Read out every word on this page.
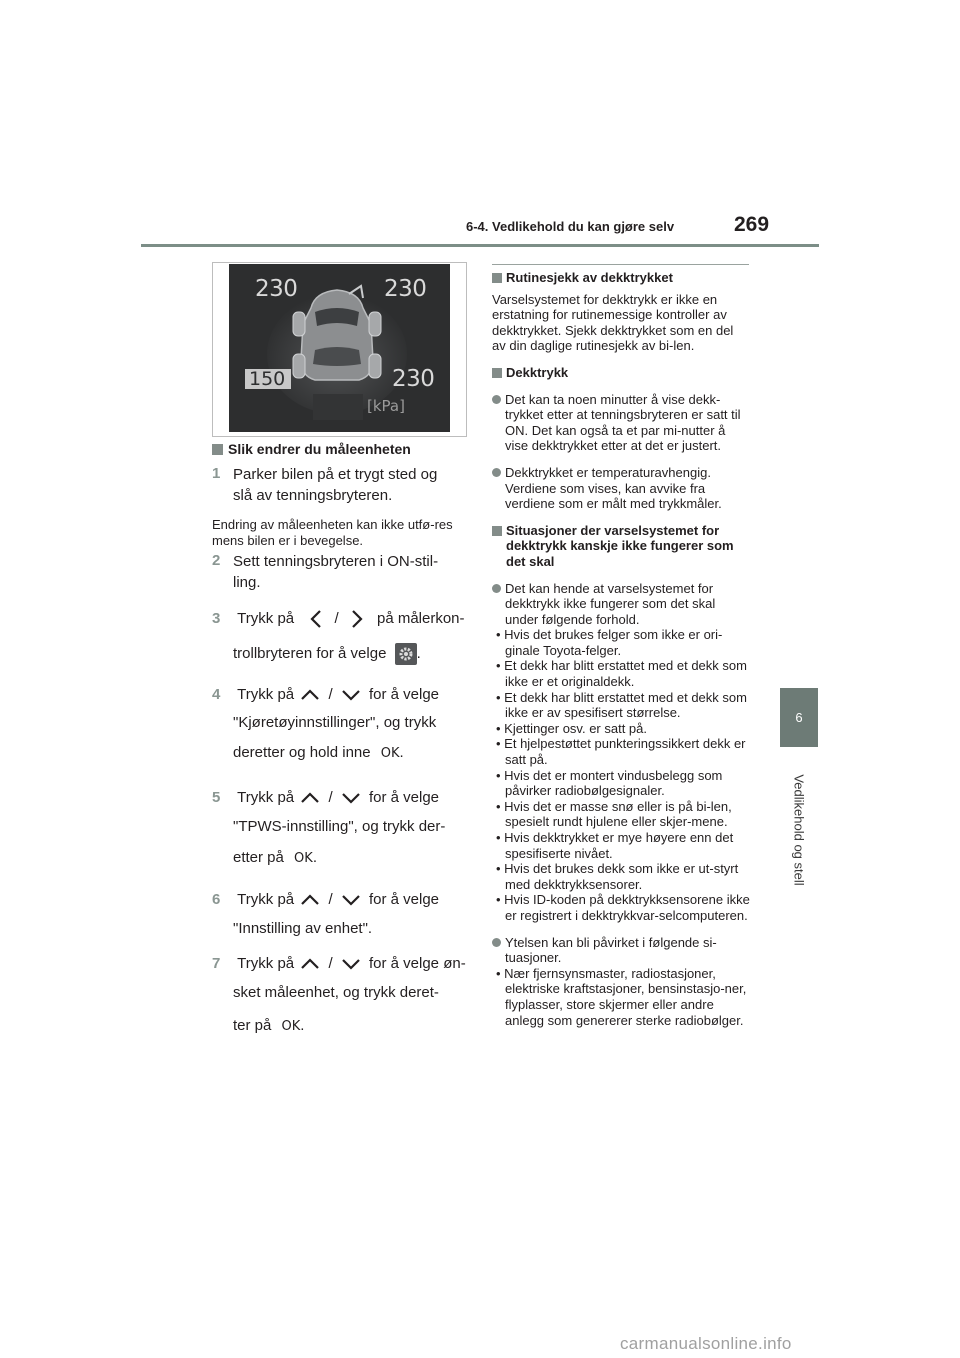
6-4. Vedlikehold du kan gjøre selv	269
6
Vedlikehold og stell
230	230
150	230
[kPa]
Slik endrer du måleenheten
1 Parker bilen på et trygt sted og slå av tenningsbryteren.
Endring av måleenheten kan ikke utfø-res mens bilen er i bevegelse.
2 Sett tenningsbryteren i ON-stil-ling.
3 Trykk på	/	på målerkon-
trollbryteren for å velge .
4 Trykk på / for å velge
"Kjøretøyinnstillinger", og trykk
deretter og hold inne OK.
5 Trykk på / for å velge
"TPWS-innstilling", og trykk der-
etter på OK.
6 Trykk på / for å velge
"Innstilling av enhet".
7 Trykk på / for å velge øn-
sket måleenhet, og trykk deret-
ter på OK.
Rutinesjekk av dekktrykket
Varselsystemet for dekktrykk er ikke en erstatning for rutinemessige kontroller av dekktrykket. Sjekk dekktrykket som en del av din daglige rutinesjekk av bi-len.
Dekktrykk
Det kan ta noen minutter å vise dekk-trykket etter at tenningsbryteren er satt til ON. Det kan også ta et par mi-nutter å vise dekktrykket etter at det er justert.
Dekktrykket er temperaturavhengig. Verdiene som vises, kan avvike fra verdiene som er målt med trykkmåler.
Situasjoner der varselsystemet for dekktrykk kanskje ikke fungerer som det skal
Det kan hende at varselsystemet for dekktrykk ikke fungerer som det skal under følgende forhold.
• Hvis det brukes felger som ikke er ori-ginale Toyota-felger.
• Et dekk har blitt erstattet med et dekk som ikke er et originaldekk.
• Et dekk har blitt erstattet med et dekk som ikke er av spesifisert størrelse.
• Kjettinger osv. er satt på.
• Et hjelpestøttet punkteringssikkert dekk er satt på.
• Hvis det er montert vindusbelegg som påvirker radiobølgesignaler.
• Hvis det er masse snø eller is på bi-len, spesielt rundt hjulene eller skjer-mene.
• Hvis dekktrykket er mye høyere enn det spesifiserte nivået.
• Hvis det brukes dekk som ikke er ut-styrt med dekktrykksensorer.
• Hvis ID-koden på dekktrykksensorene ikke er registrert i dekktrykkvar-selcomputeren.
Ytelsen kan bli påvirket i følgende si-tuasjoner.
• Nær fjernsynsmaster, radiostasjoner, elektriske kraftstasjoner, bensinstasjo-ner, flyplasser, store skjermer eller andre anlegg som genererer sterke radiobølger.
carmanualsonline.info
